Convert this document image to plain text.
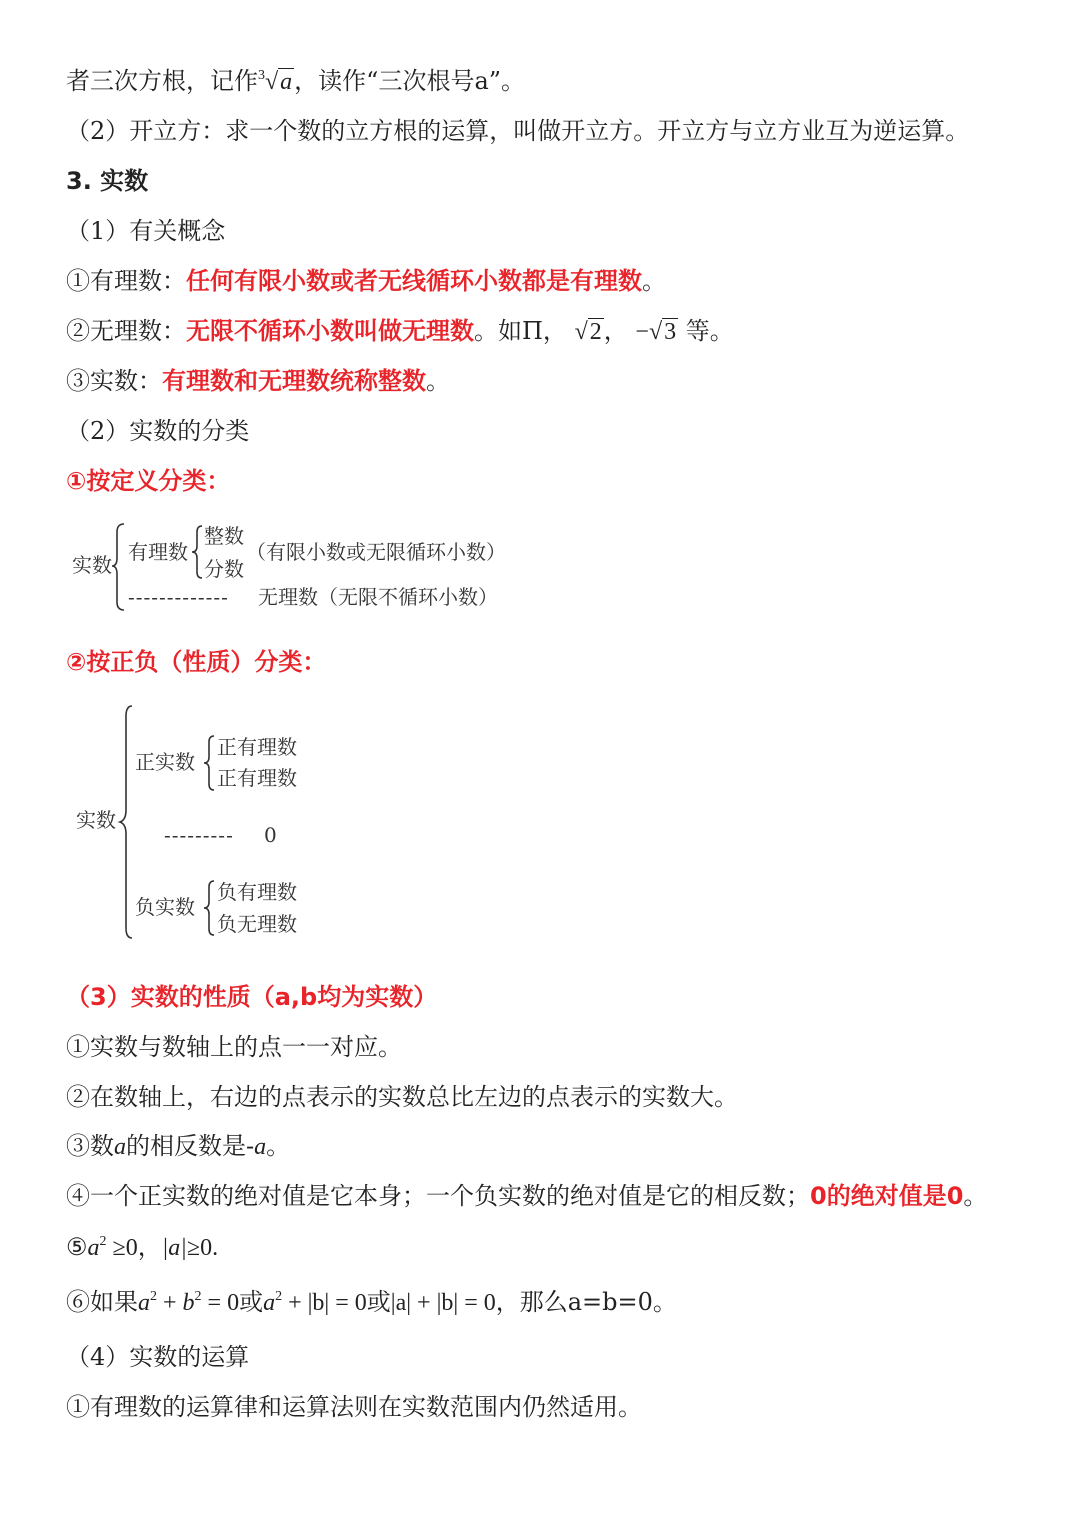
者三次方根，记作$^3$√a，读作“三次根号a”。
（2）开立方：求一个数的立方根的运算，叫做开立方。开立方与立方业互为逆运算。
3. 实数
（1）有关概念
①有理数：任何有限小数或者无线循环小数都是有理数。
②无理数：无限不循环小数叫做无理数。如Π， √2， −√3 等。
③实数：有理数和无理数统称整数。
（2）实数的分类
①按定义分类：
实数
有理数
整数
分数
（有限小数或无限循环小数）
------------- 无理数（无限不循环小数）
②按正负（性质）分类：
实数
正实数
正有理数
正有理数
--------- 0
负实数
负有理数
负无理数
（3）实数的性质（a,b均为实数）
①实数与数轴上的点一一对应。
②在数轴上，右边的点表示的实数总比左边的点表示的实数大。
③数a的相反数是-a。
④一个正实数的绝对值是它本身；一个负实数的绝对值是它的相反数；0的绝对值是0。
$⑤a^2 \ge 0$，|a|≥0.
⑥如果$a^2 + b^2 = 0$或$a^2 + |b| = 0$或|a| + |b| = 0，那么a=b=0。
（4）实数的运算
①有理数的运算律和运算法则在实数范围内仍然适用。
